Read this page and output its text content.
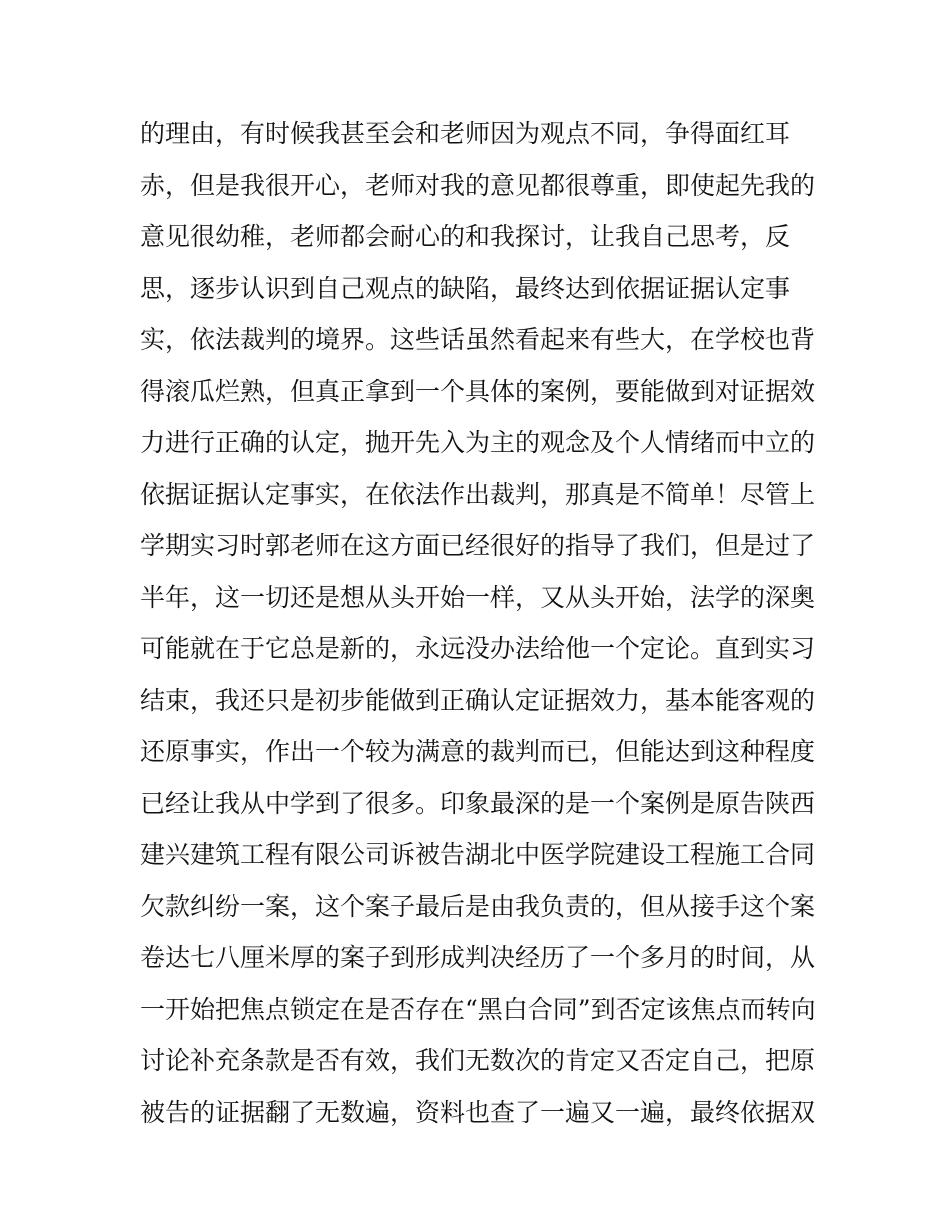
的理由，有时候我甚至会和老师因为观点不同，争得面红耳
赤，但是我很开心，老师对我的意见都很尊重，即使起先我的
意见很幼稚，老师都会耐心的和我探讨，让我自己思考，反
思，逐步认识到自己观点的缺陷，最终达到依据证据认定事
实，依法裁判的境界。这些话虽然看起来有些大，在学校也背
得滚瓜烂熟，但真正拿到一个具体的案例，要能做到对证据效
力进行正确的认定，抛开先入为主的观念及个人情绪而中立的
依据证据认定事实，在依法作出裁判，那真是不简单！尽管上
学期实习时郭老师在这方面已经很好的指导了我们，但是过了
半年，这一切还是想从头开始一样，又从头开始，法学的深奥
可能就在于它总是新的，永远没办法给他一个定论。直到实习
结束，我还只是初步能做到正确认定证据效力，基本能客观的
还原事实，作出一个较为满意的裁判而已，但能达到这种程度
已经让我从中学到了很多。印象最深的是一个案例是原告陕西
建兴建筑工程有限公司诉被告湖北中医学院建设工程施工合同
欠款纠纷一案，这个案子最后是由我负责的，但从接手这个案
卷达七八厘米厚的案子到形成判决经历了一个多月的时间，从
一开始把焦点锁定在是否存在“黑白合同”到否定该焦点而转向
讨论补充条款是否有效，我们无数次的肯定又否定自己，把原
被告的证据翻了无数遍，资料也查了一遍又一遍，最终依据双
